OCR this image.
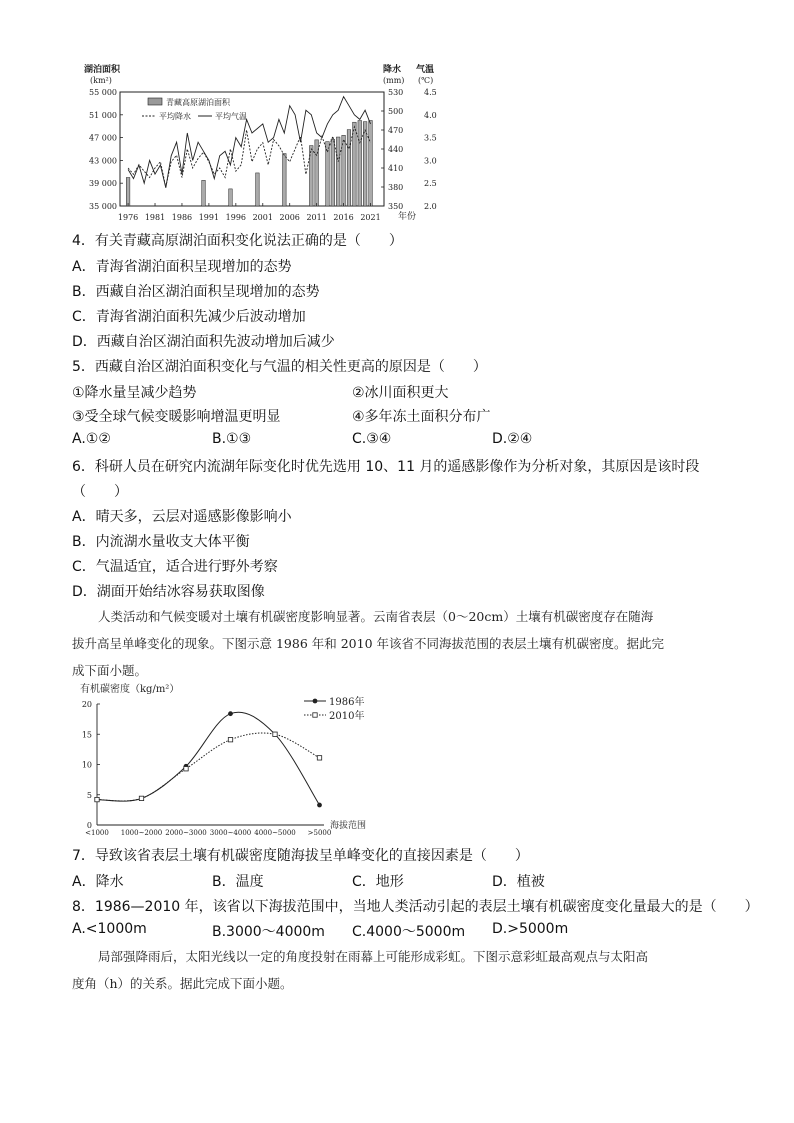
湖泊面积
(km²)
降水
(mm)
气温
(℃)
55 000
51 000
47 000
43 000
39 000
35 000
530
500
470
440
410
380
350
4.5
4.0
3.5
3.0
2.5
2.0
1976 1981 1986 1991 1996 2001 2006 2011 2016 2021 年份
青藏高原湖泊面积
平均降水	平均气温
4．有关青藏高原湖泊面积变化说法正确的是（　　）
A．青海省湖泊面积呈现增加的态势
B．西藏自治区湖泊面积呈现增加的态势
C．青海省湖泊面积先减少后波动增加
D．西藏自治区湖泊面积先波动增加后减少
5．西藏自治区湖泊面积变化与气温的相关性更高的原因是（　　）
①降水量呈减少趋势	②冰川面积更大
③受全球气候变暖影响增温更明显	④多年冻土面积分布广
A.①②	B.①③	C.③④	D.②④
6．科研人员在研究内流湖年际变化时优先选用 10、11 月的遥感影像作为分析对象，其原因是该时段
（　　）
A．晴天多，云层对遥感影像影响小
B．内流湖水量收支大体平衡
C．气温适宜，适合进行野外考察
D．湖面开始结冰容易获取图像
人类活动和气候变暖对土壤有机碳密度影响显著。云南省表层（0～20cm）土壤有机碳密度存在随海
拔升高呈单峰变化的现象。下图示意 1986 年和 2010 年该省不同海拔范围的表层土壤有机碳密度。据此完
成下面小题。
有机碳密度（kg/m²）
20
15
10
5
0
<1000 1000~2000 2000~3000 3000~4000 4000~5000 >5000
海拔范围
1986年
2010年
7．导致该省表层土壤有机碳密度随海拔呈单峰变化的直接因素是（　　）
A．降水	B．温度	C．地形	D．植被
8．1986—2010 年，该省以下海拔范围中，当地人类活动引起的表层土壤有机碳密度变化量最大的是（　　）
A.<1000m	B.3000～4000m C.4000～5000m D.>5000m
局部强降雨后，太阳光线以一定的角度投射在雨幕上可能形成彩虹。下图示意彩虹最高观点与太阳高
度角（h）的关系。据此完成下面小题。
